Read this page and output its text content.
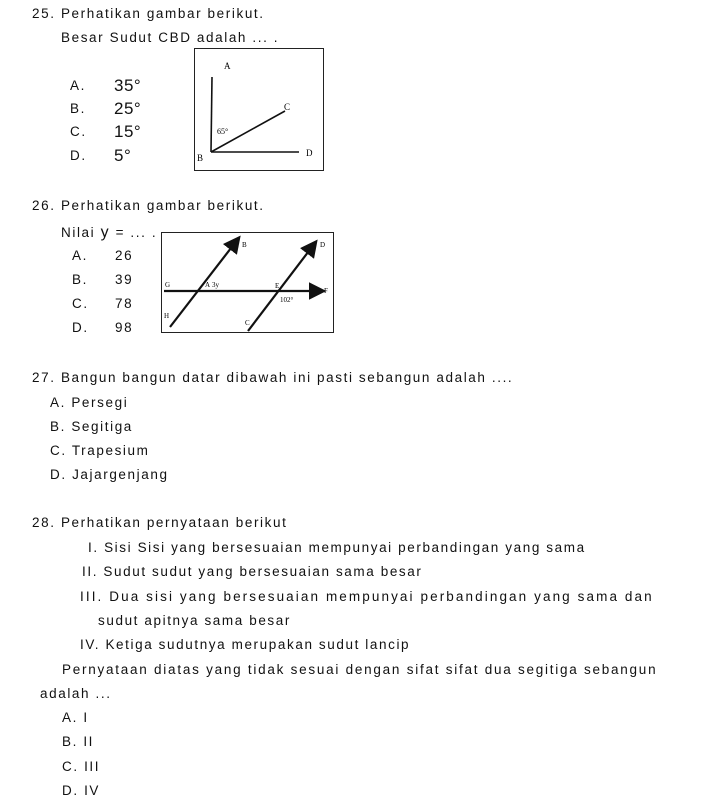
25. Perhatikan gambar berikut.
Besar Sudut CBD adalah ... .
A. 35°
B. 25°
C. 15°
D. 5°
A
B
C
D
65°
26. Perhatikan gambar berikut.
Nilai y = ... .
A. 26
B. 39
C. 78
D. 98
B	D
G	A 3y	E
F
102°
H
C
27. Bangun bangun datar dibawah ini pasti sebangun adalah ....
A. Persegi
B. Segitiga
C. Trapesium
D. Jajargenjang
28. Perhatikan pernyataan berikut
I. Sisi Sisi yang bersesuaian mempunyai perbandingan yang sama
II. Sudut sudut yang bersesuaian sama besar
III. Dua sisi yang bersesuaian mempunyai perbandingan yang sama dan
sudut apitnya sama besar
IV. Ketiga sudutnya merupakan sudut lancip
Pernyataan diatas yang tidak sesuai dengan sifat sifat dua segitiga sebangun
adalah ...
A. I
B. II
C. III
D. IV
